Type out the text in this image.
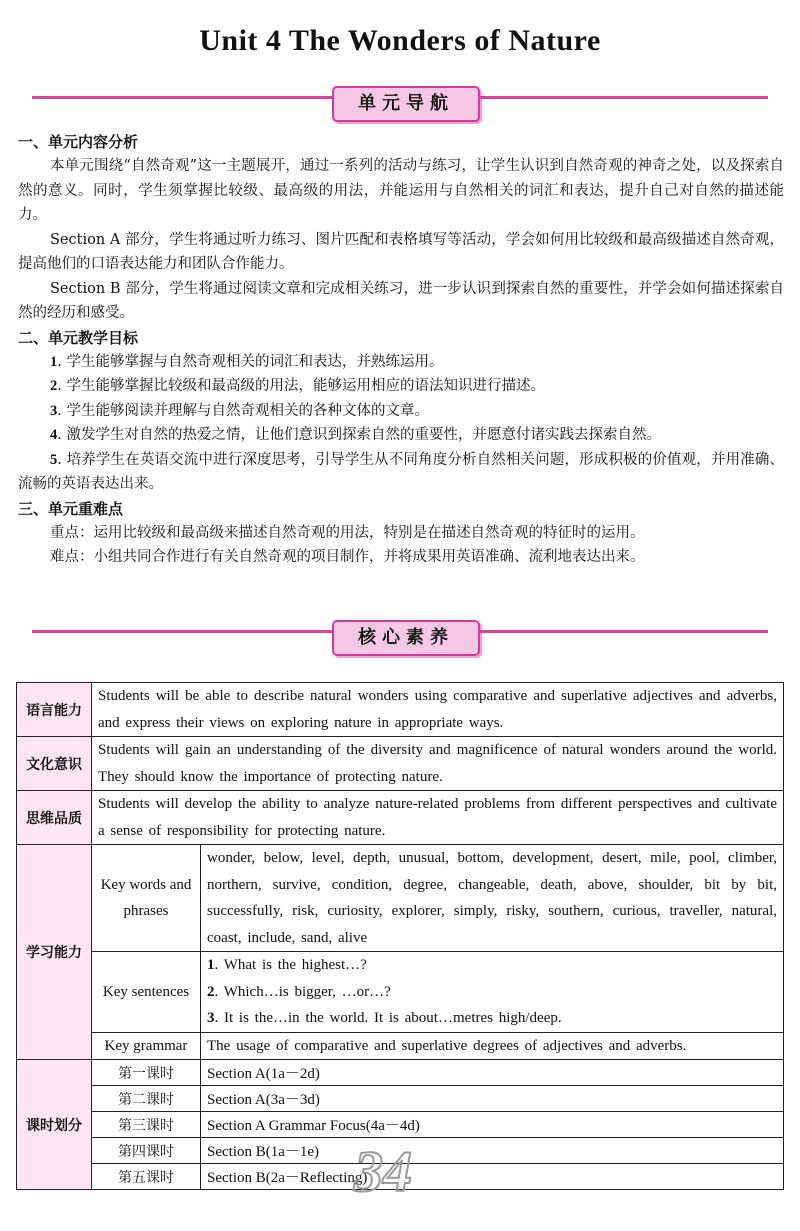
Unit 4 The Wonders of Nature
单元导航
一、单元内容分析
本单元围绕“自然奇观”这一主题展开，通过一系列的活动与练习，让学生认识到自然奇观的神奇之处，以及探索自然的意义。同时，学生须掌握比较级、最高级的用法，并能运用与自然相关的词汇和表达，提升自己对自然的描述能力。
Section A 部分，学生将通过听力练习、图片匹配和表格填写等活动，学会如何用比较级和最高级描述自然奇观，提高他们的口语表达能力和团队合作能力。
Section B 部分，学生将通过阅读文章和完成相关练习，进一步认识到探索自然的重要性，并学会如何描述探索自然的经历和感受。
二、单元教学目标
1. 学生能够掌握与自然奇观相关的词汇和表达，并熟练运用。
2. 学生能够掌握比较级和最高级的用法，能够运用相应的语法知识进行描述。
3. 学生能够阅读并理解与自然奇观相关的各种文体的文章。
4. 激发学生对自然的热爱之情，让他们意识到探索自然的重要性，并愿意付诸实践去探索自然。
5. 培养学生在英语交流中进行深度思考，引导学生从不同角度分析自然相关问题，形成积极的价值观，并用准确、流畅的英语表达出来。
三、单元重难点
重点：运用比较级和最高级来描述自然奇观的用法，特别是在描述自然奇观的特征时的运用。
难点：小组共同合作进行有关自然奇观的项目制作，并将成果用英语准确、流利地表达出来。
核心素养
语言能力	Students will be able to describe natural wonders using comparative and superlative adjectives and adverbs, and express their views on exploring nature in appropriate ways.	

文化意识	Students will gain an understanding of the diversity and magnificence of natural wonders around the world. They should know the importance of protecting nature.	

思维品质	Students will develop the ability to analyze nature-related problems from different perspectives and cultivate a sense of responsibility for protecting nature.	

学习能力	Key words and phrases	wonder, below, level, depth, unusual, bottom, development, desert, mile, pool, climber, northern, survive, condition, degree, changeable, death, above, shoulder, bit by bit, successfully, risk, curiosity, explorer, simply, risky, southern, curious, traveller, natural, coast, include, sand, alive

	Key sentences	1. What is the highest…?
2. Which…is bigger, …or…?
3. It is the…in the world. It is about…metres high/deep.

	Key grammar	The usage of comparative and superlative degrees of adjectives and adverbs.

课时划分	第一课时	Section A(1a－2d)
	第二课时	Section A(3a－3d)
	第三课时	Section A Grammar Focus(4a－4d)
	第四课时	Section B(1a－1e)
	第五课时	Section B(2a－Reflecting)
34
